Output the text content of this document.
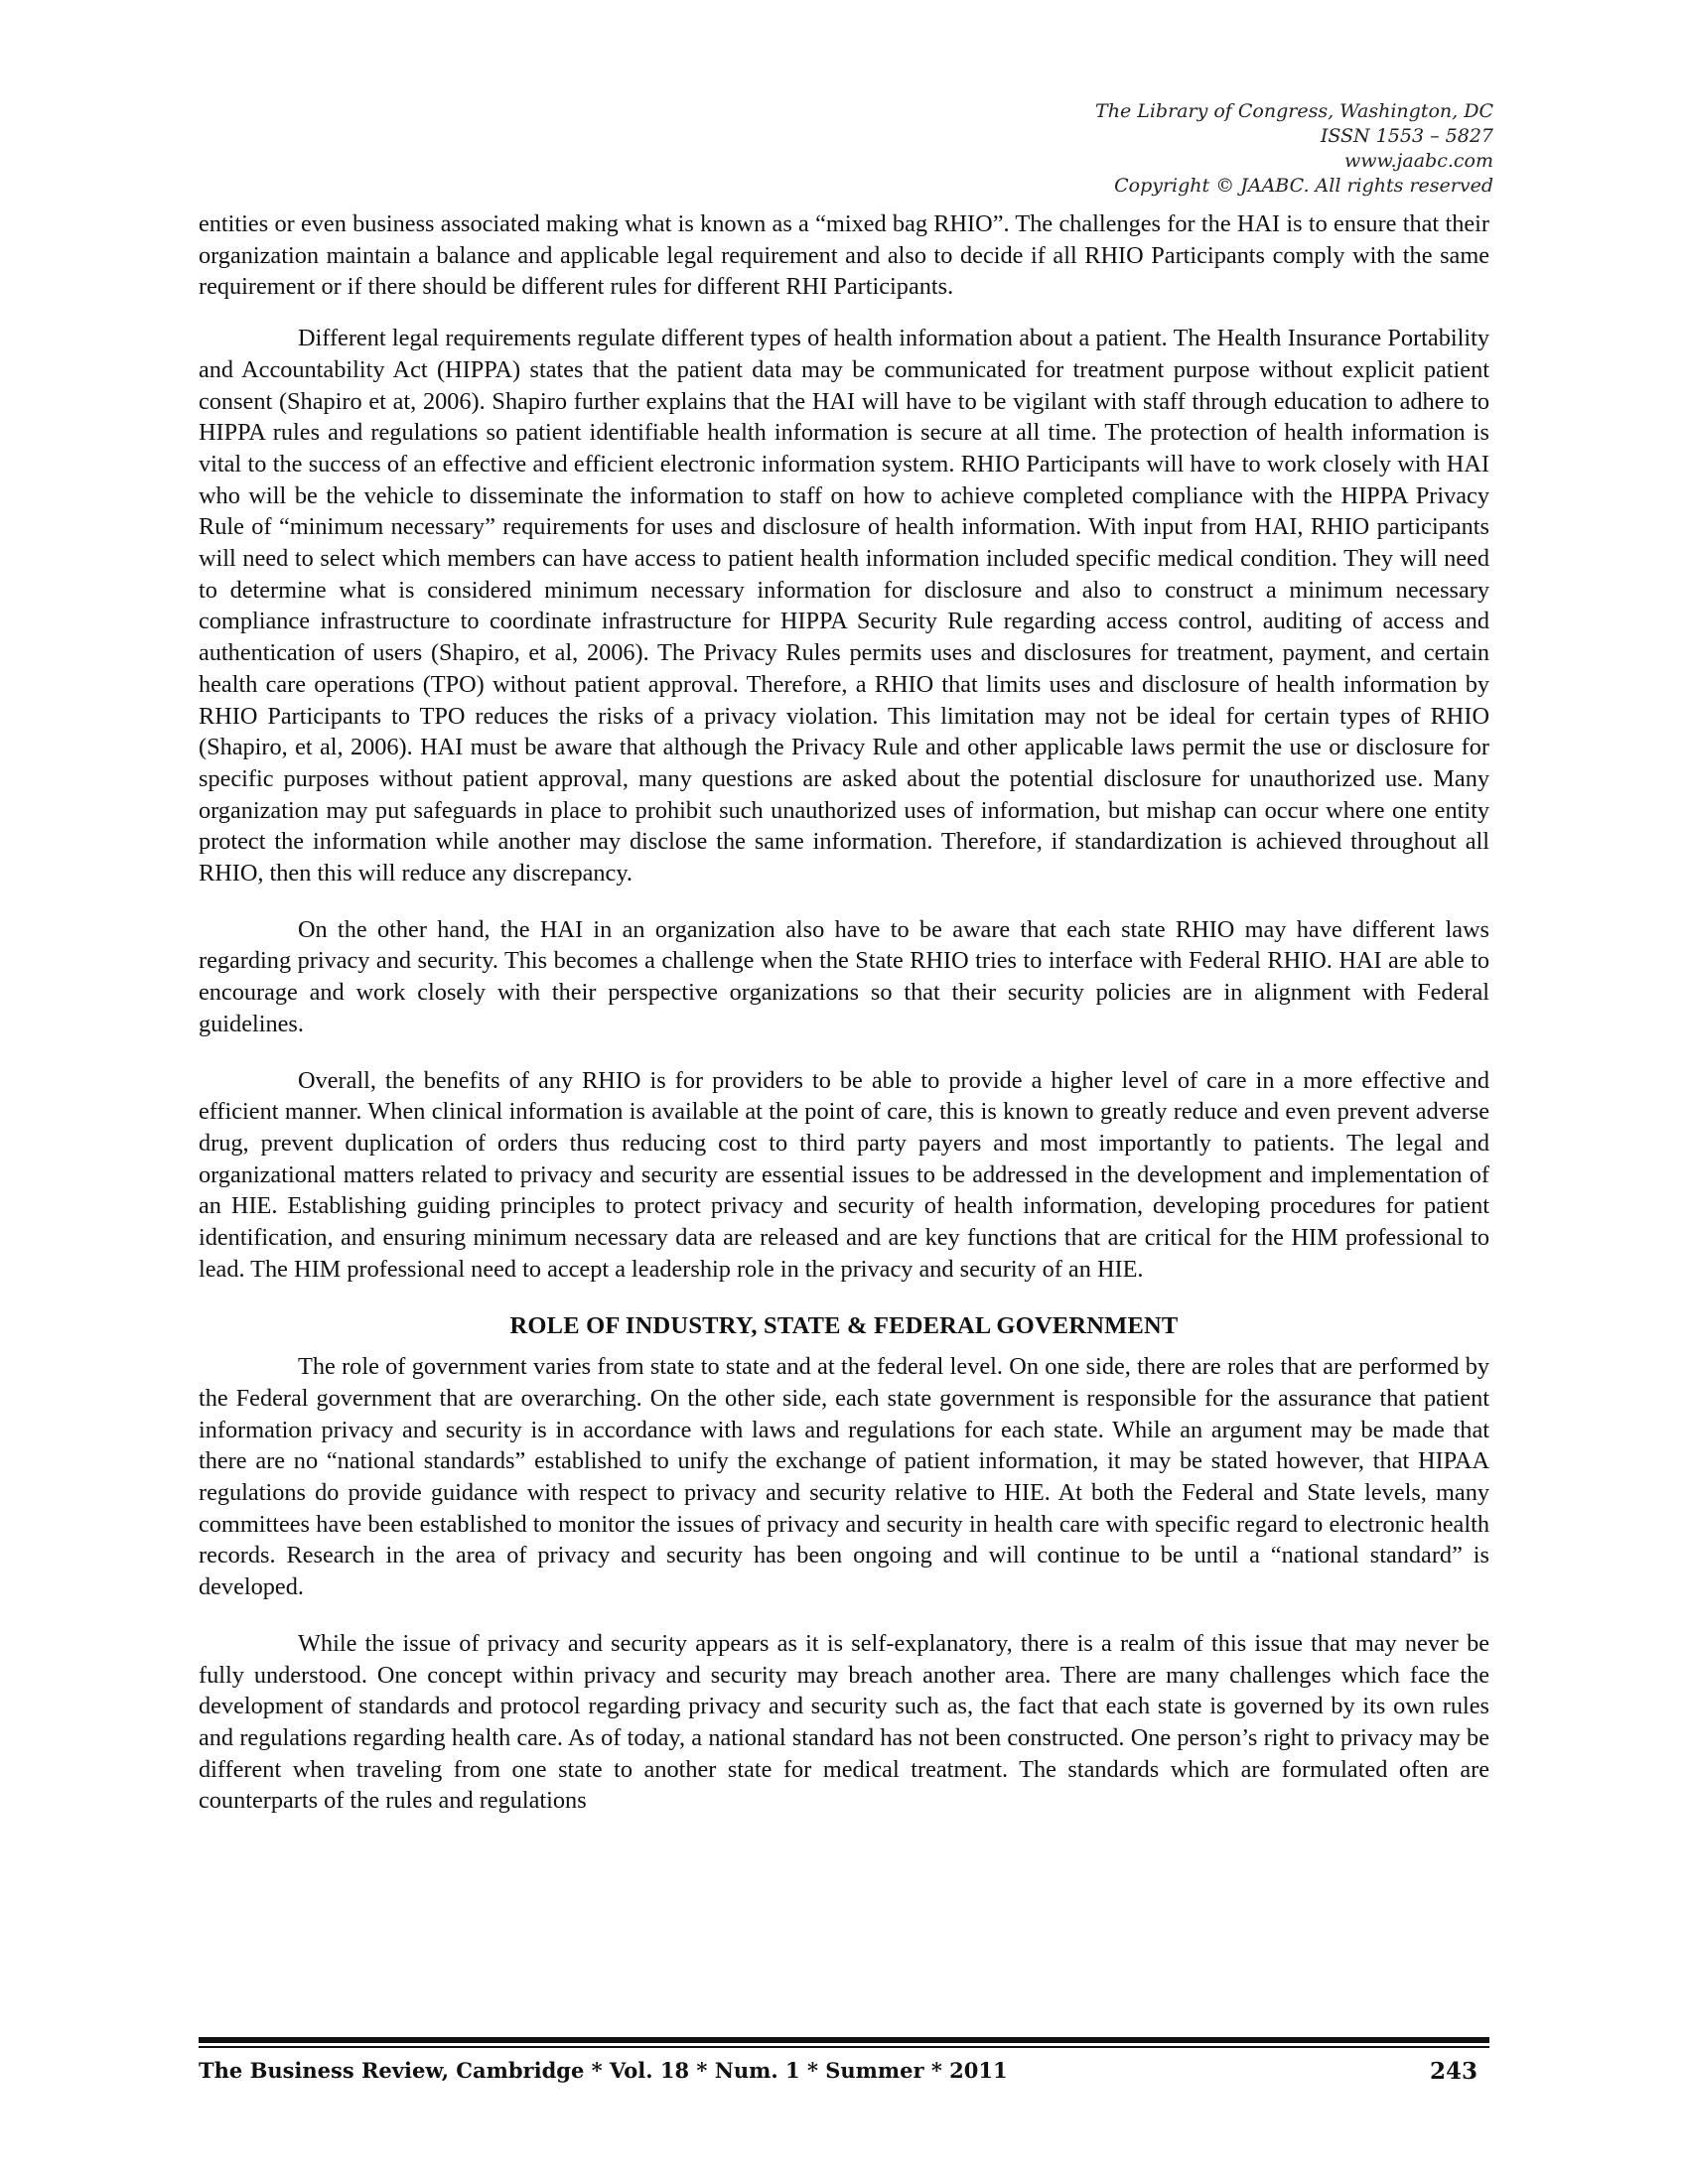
The Library of Congress, Washington, DC
ISSN 1553 – 5827
www.jaabc.com
Copyright © JAABC. All rights reserved

entities or even business associated making what is known as a “mixed bag RHIO”. The challenges for the HAI is to ensure that their organization maintain a balance and applicable legal requirement and also to decide if all RHIO Participants comply with the same requirement or if there should be different rules for different RHI Participants.

Different legal requirements regulate different types of health information about a patient. The Health Insurance Portability and Accountability Act (HIPPA) states that the patient data may be communicated for treatment purpose without explicit patient consent (Shapiro et at, 2006). Shapiro further explains that the HAI will have to be vigilant with staff through education to adhere to HIPPA rules and regulations so patient identifiable health information is secure at all time. The protection of health information is vital to the success of an effective and efficient electronic information system. RHIO Participants will have to work closely with HAI who will be the vehicle to disseminate the information to staff on how to achieve completed compliance with the HIPPA Privacy Rule of “minimum necessary” requirements for uses and disclosure of health information. With input from HAI, RHIO participants will need to select which members can have access to patient health information included specific medical condition. They will need to determine what is considered minimum necessary information for disclosure and also to construct a minimum necessary compliance infrastructure to coordinate infrastructure for HIPPA Security Rule regarding access control, auditing of access and authentication of users (Shapiro, et al, 2006). The Privacy Rules permits uses and disclosures for treatment, payment, and certain health care operations (TPO) without patient approval. Therefore, a RHIO that limits uses and disclosure of health information by RHIO Participants to TPO reduces the risks of a privacy violation. This limitation may not be ideal for certain types of RHIO (Shapiro, et al, 2006). HAI must be aware that although the Privacy Rule and other applicable laws permit the use or disclosure for specific purposes without patient approval, many questions are asked about the potential disclosure for unauthorized use. Many organization may put safeguards in place to prohibit such unauthorized uses of information, but mishap can occur where one entity protect the information while another may disclose the same information. Therefore, if standardization is achieved throughout all RHIO, then this will reduce any discrepancy.

On the other hand, the HAI in an organization also have to be aware that each state RHIO may have different laws regarding privacy and security. This becomes a challenge when the State RHIO tries to interface with Federal RHIO. HAI are able to encourage and work closely with their perspective organizations so that their security policies are in alignment with Federal guidelines.

Overall, the benefits of any RHIO is for providers to be able to provide a higher level of care in a more effective and efficient manner. When clinical information is available at the point of care, this is known to greatly reduce and even prevent adverse drug, prevent duplication of orders thus reducing cost to third party payers and most importantly to patients. The legal and organizational matters related to privacy and security are essential issues to be addressed in the development and implementation of an HIE. Establishing guiding principles to protect privacy and security of health information, developing procedures for patient identification, and ensuring minimum necessary data are released and are key functions that are critical for the HIM professional to lead. The HIM professional need to accept a leadership role in the privacy and security of an HIE.

ROLE OF INDUSTRY, STATE & FEDERAL GOVERNMENT

The role of government varies from state to state and at the federal level. On one side, there are roles that are performed by the Federal government that are overarching. On the other side, each state government is responsible for the assurance that patient information privacy and security is in accordance with laws and regulations for each state. While an argument may be made that there are no “national standards” established to unify the exchange of patient information, it may be stated however, that HIPAA regulations do provide guidance with respect to privacy and security relative to HIE. At both the Federal and State levels, many committees have been established to monitor the issues of privacy and security in health care with specific regard to electronic health records. Research in the area of privacy and security has been ongoing and will continue to be until a “national standard” is developed.

While the issue of privacy and security appears as it is self-explanatory, there is a realm of this issue that may never be fully understood. One concept within privacy and security may breach another area. There are many challenges which face the development of standards and protocol regarding privacy and security such as, the fact that each state is governed by its own rules and regulations regarding health care. As of today, a national standard has not been constructed. One person’s right to privacy may be different when traveling from one state to another state for medical treatment. The standards which are formulated often are counterparts of the rules and regulations

The Business Review, Cambridge * Vol. 18 * Num. 1 * Summer * 2011	243
